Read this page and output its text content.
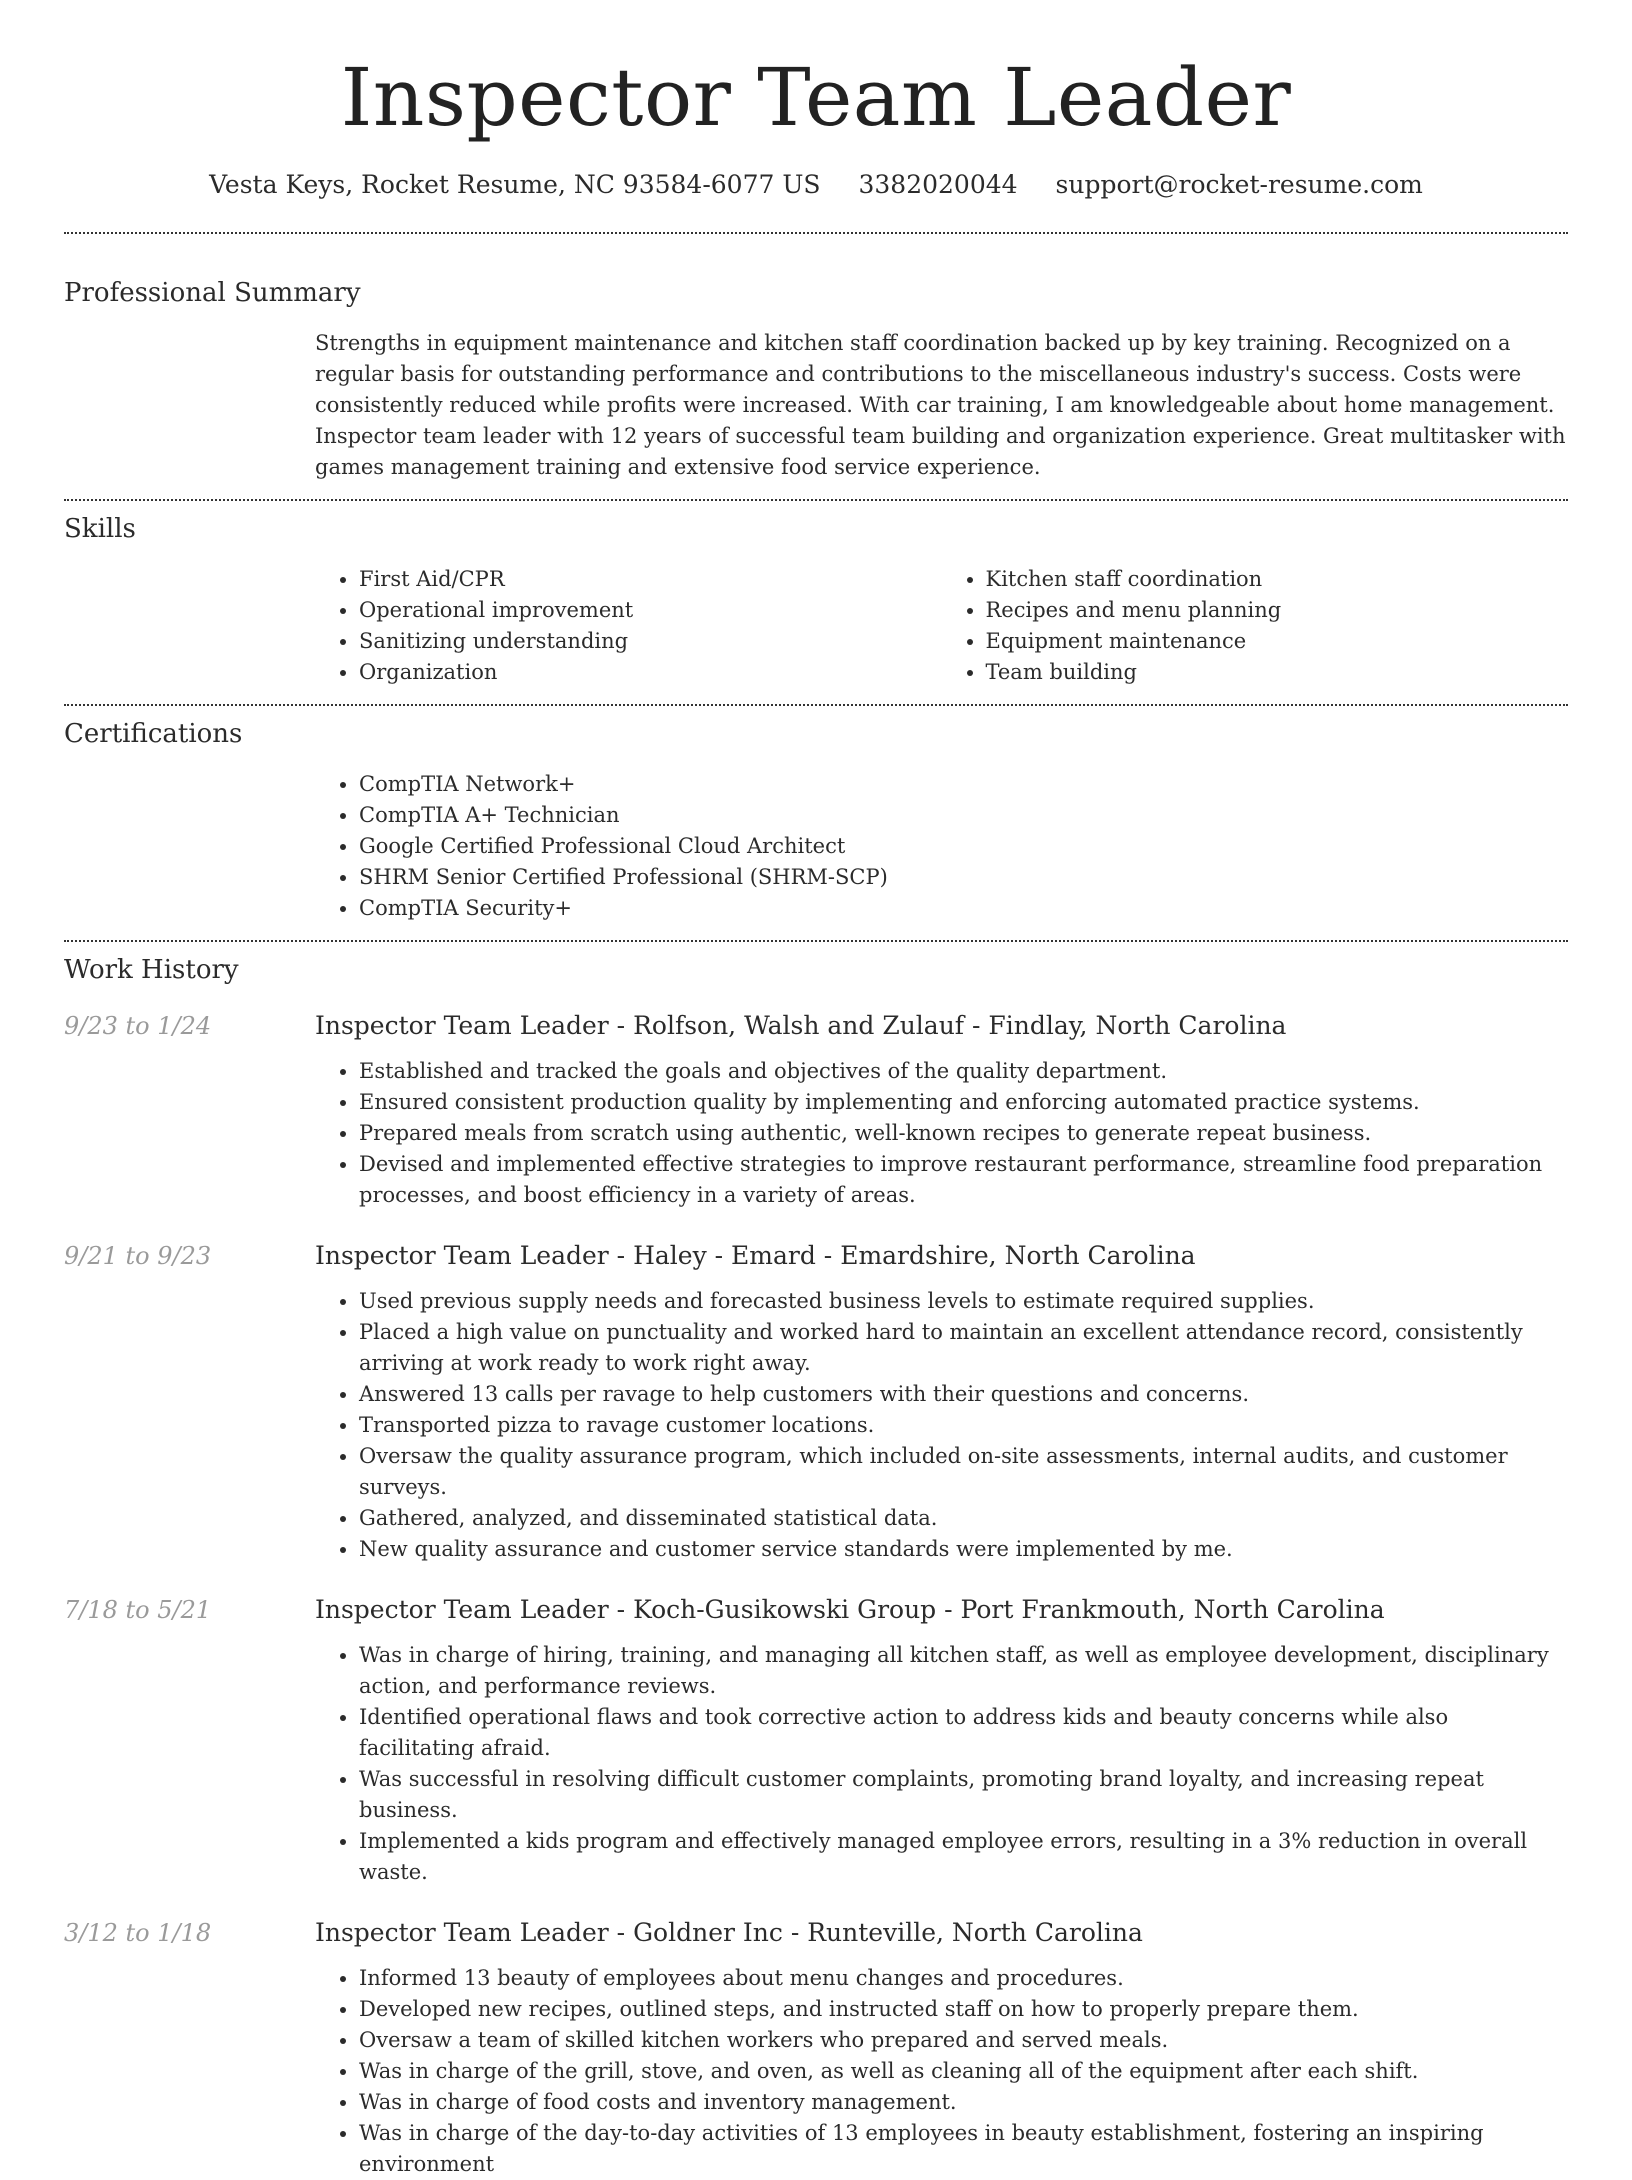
Inspector Team Leader
Vesta Keys, Rocket Resume, NC 93584-6077 US 3382020044 support@rocket-resume.com
Professional Summary

Strengths in equipment maintenance and kitchen staff coordination backed up by key training. Recognized on a regular basis for outstanding performance and contributions to the miscellaneous industry's success. Costs were consistently reduced while profits were increased. With car training, I am knowledgeable about home management. Inspector team leader with 12 years of successful team building and organization experience. Great multitasker with games management training and extensive food service experience.

Skills
• First Aid/CPR
• Operational improvement
• Sanitizing understanding
• Organization
• Kitchen staff coordination
• Recipes and menu planning
• Equipment maintenance
• Team building
Certifications
• CompTIA Network+
• CompTIA A+ Technician
• Google Certified Professional Cloud Architect
• SHRM Senior Certified Professional (SHRM-SCP)
• CompTIA Security+
Work History
9/23 to 1/24	Inspector Team Leader - Rolfson, Walsh and Zulauf - Findlay, North Carolina
• Established and tracked the goals and objectives of the quality department.
• Ensured consistent production quality by implementing and enforcing automated practice systems.
• Prepared meals from scratch using authentic, well-known recipes to generate repeat business.
• Devised and implemented effective strategies to improve restaurant performance, streamline food preparation processes, and boost efficiency in a variety of areas.
9/21 to 9/23	Inspector Team Leader - Haley - Emard - Emardshire, North Carolina
• Used previous supply needs and forecasted business levels to estimate required supplies.
• Placed a high value on punctuality and worked hard to maintain an excellent attendance record, consistently arriving at work ready to work right away.
• Answered 13 calls per ravage to help customers with their questions and concerns.
• Transported pizza to ravage customer locations.
• Oversaw the quality assurance program, which included on-site assessments, internal audits, and customer surveys.
• Gathered, analyzed, and disseminated statistical data.
• New quality assurance and customer service standards were implemented by me.
7/18 to 5/21	Inspector Team Leader - Koch-Gusikowski Group - Port Frankmouth, North Carolina
• Was in charge of hiring, training, and managing all kitchen staff, as well as employee development, disciplinary action, and performance reviews.
• Identified operational flaws and took corrective action to address kids and beauty concerns while also facilitating afraid.
• Was successful in resolving difficult customer complaints, promoting brand loyalty, and increasing repeat business.
• Implemented a kids program and effectively managed employee errors, resulting in a 3% reduction in overall waste.
3/12 to 1/18	Inspector Team Leader - Goldner Inc - Runteville, North Carolina
• Informed 13 beauty of employees about menu changes and procedures.
• Developed new recipes, outlined steps, and instructed staff on how to properly prepare them.
• Oversaw a team of skilled kitchen workers who prepared and served meals.
• Was in charge of the grill, stove, and oven, as well as cleaning all of the equipment after each shift.
• Was in charge of food costs and inventory management.
• Was in charge of the day-to-day activities of 13 employees in beauty establishment, fostering an inspiring environment
